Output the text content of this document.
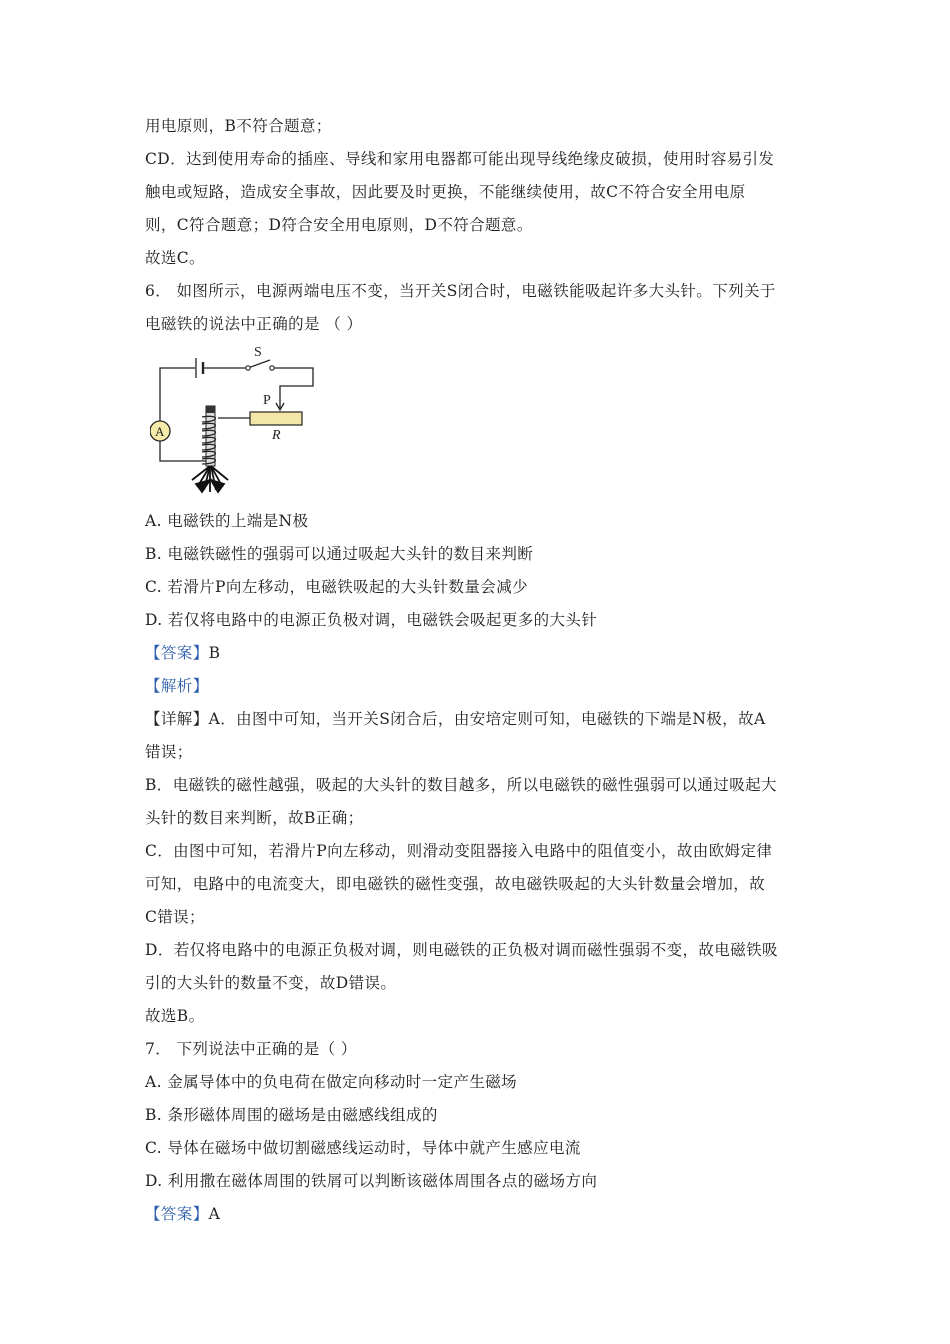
用电原则，B不符合题意；
CD．达到使用寿命的插座、导线和家用电器都可能出现导线绝缘皮破损，使用时容易引发
触电或短路，造成安全事故，因此要及时更换，不能继续使用，故C不符合安全用电原
则，C符合题意；D符合安全用电原则，D不符合题意。
故选C。
6． 如图所示，电源两端电压不变，当开关S闭合时，电磁铁能吸起许多大头针。下列关于
电磁铁的说法中正确的是 （ ）
S
A
P
R
A. 电磁铁的上端是N极
B. 电磁铁磁性的强弱可以通过吸起大头针的数目来判断
C. 若滑片P向左移动，电磁铁吸起的大头针数量会减少
D. 若仅将电路中的电源正负极对调，电磁铁会吸起更多的大头针
【答案】B
【解析】
【详解】A．由图中可知，当开关S闭合后，由安培定则可知，电磁铁的下端是N极，故A
错误；
B．电磁铁的磁性越强，吸起的大头针的数目越多，所以电磁铁的磁性强弱可以通过吸起大
头针的数目来判断，故B正确；
C．由图中可知，若滑片P向左移动，则滑动变阻器接入电路中的阻值变小，故由欧姆定律
可知，电路中的电流变大，即电磁铁的磁性变强，故电磁铁吸起的大头针数量会增加，故
C错误；
D．若仅将电路中的电源正负极对调，则电磁铁的正负极对调而磁性强弱不变，故电磁铁吸
引的大头针的数量不变，故D错误。
故选B。
7． 下列说法中正确的是（ ）
A. 金属导体中的负电荷在做定向移动时一定产生磁场
B. 条形磁体周围的磁场是由磁感线组成的
C. 导体在磁场中做切割磁感线运动时，导体中就产生感应电流
D. 利用撒在磁体周围的铁屑可以判断该磁体周围各点的磁场方向
【答案】A
